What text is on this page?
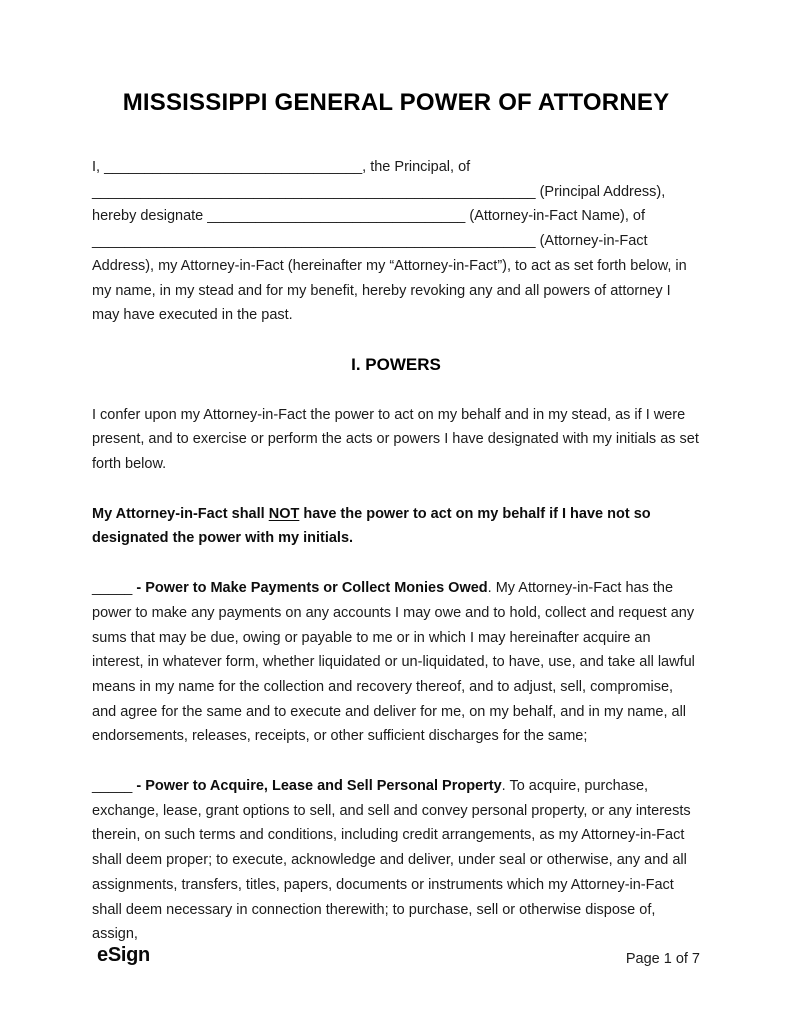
MISSISSIPPI GENERAL POWER OF ATTORNEY

I, ________________________________, the Principal, of _______________________________________________________ (Principal Address), hereby designate ________________________________ (Attorney-in-Fact Name), of _______________________________________________________ (Attorney-in-Fact Address), my Attorney-in-Fact (hereinafter my “Attorney-in-Fact”), to act as set forth below, in my name, in my stead and for my benefit, hereby revoking any and all powers of attorney I may have executed in the past.

I. POWERS

I confer upon my Attorney-in-Fact the power to act on my behalf and in my stead, as if I were present, and to exercise or perform the acts or powers I have designated with my initials as set forth below.

My Attorney-in-Fact shall NOT have the power to act on my behalf if I have not so designated the power with my initials.

_____ - Power to Make Payments or Collect Monies Owed. My Attorney-in-Fact has the power to make any payments on any accounts I may owe and to hold, collect and request any sums that may be due, owing or payable to me or in which I may hereinafter acquire an interest, in whatever form, whether liquidated or un-liquidated, to have, use, and take all lawful means in my name for the collection and recovery thereof, and to adjust, sell, compromise, and agree for the same and to execute and deliver for me, on my behalf, and in my name, all endorsements, releases, receipts, or other sufficient discharges for the same;

_____ - Power to Acquire, Lease and Sell Personal Property. To acquire, purchase, exchange, lease, grant options to sell, and sell and convey personal property, or any interests therein, on such terms and conditions, including credit arrangements, as my Attorney-in-Fact shall deem proper; to execute, acknowledge and deliver, under seal or otherwise, any and all assignments, transfers, titles, papers, documents or instruments which my Attorney-in-Fact shall deem necessary in connection therewith; to purchase, sell or otherwise dispose of, assign,

eSign	Page 1 of 7
